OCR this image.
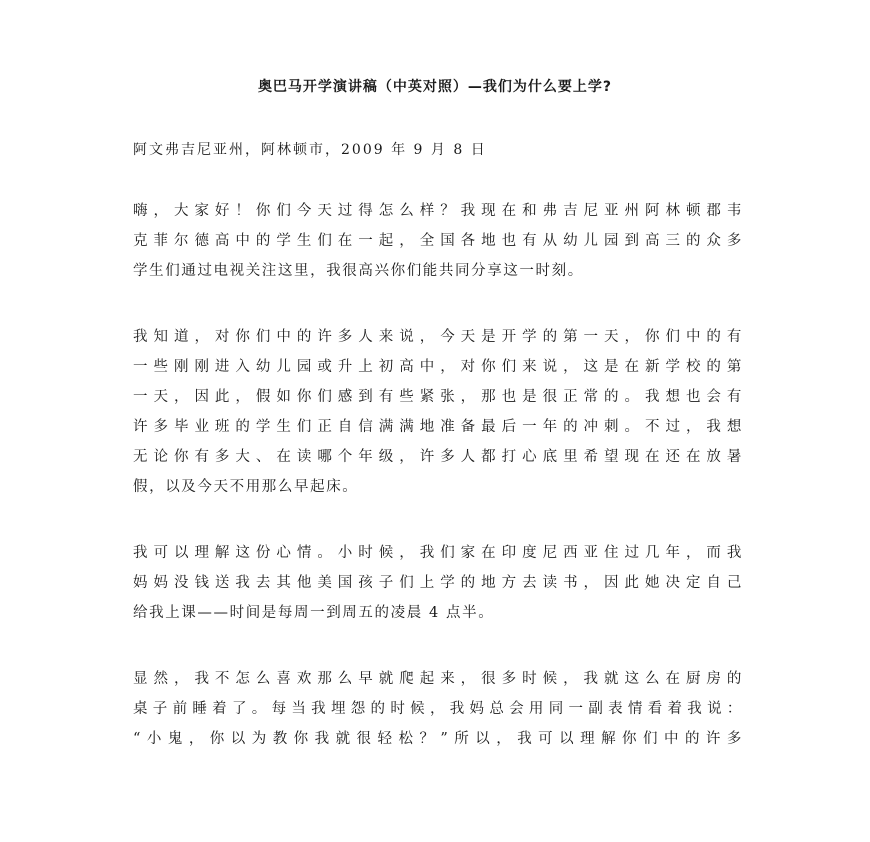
奥巴马开学演讲稿（中英对照）—我们为什么要上学?
阿文弗吉尼亚州，阿林顿市，2009 年 9 月 8 日
嗨，大家好！你们今天过得怎么样？我现在和弗吉尼亚州阿林顿郡韦
克菲尔德高中的学生们在一起，全国各地也有从幼儿园到高三的众多
学生们通过电视关注这里，我很高兴你们能共同分享这一时刻。
我知道，对你们中的许多人来说，今天是开学的第一天，你们中的有
一些刚刚进入幼儿园或升上初高中，对你们来说，这是在新学校的第
一天，因此，假如你们感到有些紧张，那也是很正常的。我想也会有
许多毕业班的学生们正自信满满地准备最后一年的冲刺。不过，我想
无论你有多大、在读哪个年级，许多人都打心底里希望现在还在放暑
假，以及今天不用那么早起床。
我可以理解这份心情。小时候，我们家在印度尼西亚住过几年，而我
妈妈没钱送我去其他美国孩子们上学的地方去读书，因此她决定自己
给我上课——时间是每周一到周五的凌晨 4 点半。
显然，我不怎么喜欢那么早就爬起来，很多时候，我就这么在厨房的
桌子前睡着了。每当我埋怨的时候，我妈总会用同一副表情看着我说：
“小鬼，你以为教你我就很轻松？”所以，我可以理解你们中的许多
